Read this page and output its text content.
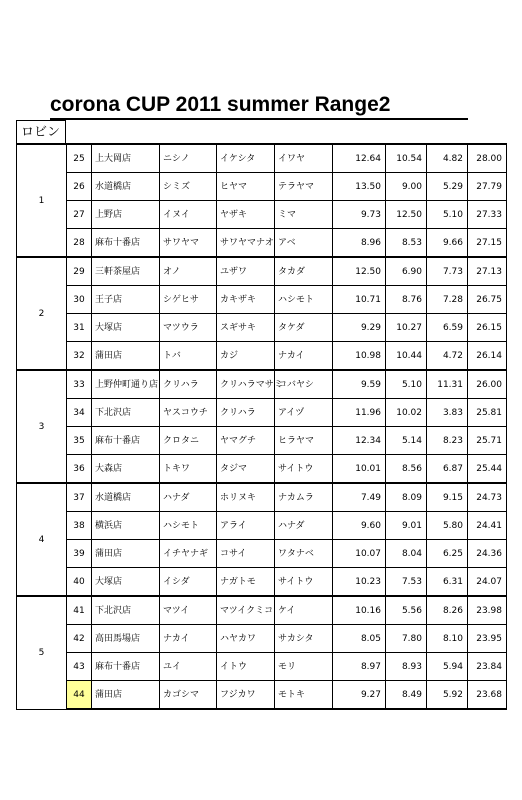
corona CUP 2011 summer Range2
ロビン
1	25	上大岡店	ニシノ	イケシタ	イワヤ	12.64	10.54	4.82	28.00
	26	水道橋店	シミズ	ヒヤマ	テラヤマ	13.50	9.00	5.29	27.79
	27	上野店	イヌイ	ヤザキ	ミマ	9.73	12.50	5.10	27.33
	28	麻布十番店	サワヤマ	サワヤマナオ	アベ	8.96	8.53	9.66	27.15
2	29	三軒茶屋店	オノ	ユザワ	タカダ	12.50	6.90	7.73	27.13
	30	王子店	シゲヒサ	カキザキ	ハシモト	10.71	8.76	7.28	26.75
	31	大塚店	マツウラ	スギサキ	タケダ	9.29	10.27	6.59	26.15
	32	蒲田店	トバ	カジ	ナカイ	10.98	10.44	4.72	26.14
3	33	上野仲町通り店	クリハラ	クリハラマサミ	コバヤシ	9.59	5.10	11.31	26.00
	34	下北沢店	ヤスコウチ	クリハラ	アイヅ	11.96	10.02	3.83	25.81
	35	麻布十番店	クロタニ	ヤマグチ	ヒラヤマ	12.34	5.14	8.23	25.71
	36	大森店	トキワ	タジマ	サイトウ	10.01	8.56	6.87	25.44
4	37	水道橋店	ハナダ	ホリヌキ	ナカムラ	7.49	8.09	9.15	24.73
	38	横浜店	ハシモト	アライ	ハナダ	9.60	9.01	5.80	24.41
	39	蒲田店	イチヤナギ	コサイ	ワタナベ	10.07	8.04	6.25	24.36
	40	大塚店	イシダ	ナガトモ	サイトウ	10.23	7.53	6.31	24.07
5	41	下北沢店	マツイ	マツイクミコ	ケイ	10.16	5.56	8.26	23.98
	42	高田馬場店	ナカイ	ハヤカワ	サカシタ	8.05	7.80	8.10	23.95
	43	麻布十番店	ユイ	イトウ	モリ	8.97	8.93	5.94	23.84
	44	蒲田店	カゴシマ	フジカワ	モトキ	9.27	8.49	5.92	23.68
